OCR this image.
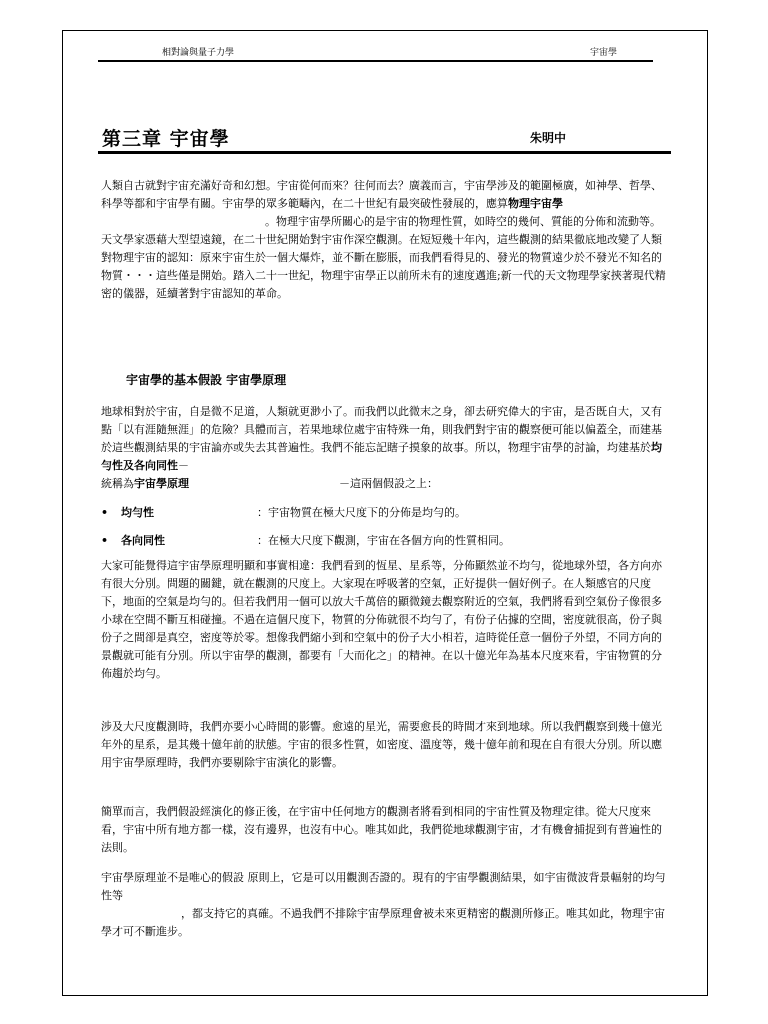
相對論與量子力學	宇宙學
第三章 宇宙學	朱明中

人類自古就對宇宙充滿好奇和幻想。宇宙從何而來？往何而去？廣義而言，宇宙學涉及的範圍極廣，如神學、哲學、科學等都和宇宙學有關。宇宙學的眾多範疇內，在二十世紀有最突破性發展的，應算物理宇宙學。物理宇宙學所關心的是宇宙的物理性質，如時空的幾何、質能的分佈和流動等。天文學家憑藉大型望遠鏡，在二十世紀開始對宇宙作深空觀測。在短短幾十年內，這些觀測的結果徹底地改變了人類對物理宇宙的認知：原來宇宙生於一個大爆炸，並不斷在膨脹，而我們看得見的、發光的物質遠少於不發光不知名的物質・・・這些僅是開始。踏入二十一世紀，物理宇宙學正以前所未有的速度邁進;新一代的天文物理學家挾著現代精密的儀器，延續著對宇宙認知的革命。

宇宙學的基本假設 宇宙學原理

地球相對於宇宙，自是微不足道，人類就更渺小了。而我們以此微末之身，卻去研究偉大的宇宙，是否既自大，又有點「以有涯隨無涯」的危險？具體而言，若果地球位處宇宙特殊一角，則我們對宇宙的觀察便可能以偏蓋全，而建基於這些觀測結果的宇宙論亦或失去其普遍性。我們不能忘記瞎子摸象的故事。所以，物理宇宙學的討論，均建基於均勻性及各向同性－
統稱為宇宙學原理	－這兩個假設之上：

• 均勻性	：宇宙物質在極大尺度下的分佈是均勻的。
• 各向同性	：在極大尺度下觀測，宇宙在各個方向的性質相同。

大家可能覺得這宇宙學原理明顯和事實相違：我們看到的恆星、星系等，分佈顯然並不均勻，從地球外望，各方向亦有很大分別。問題的關鍵，就在觀測的尺度上。大家現在呼吸著的空氣，正好提供一個好例子。在人類感官的尺度下，地面的空氣是均勻的。但若我們用一個可以放大千萬倍的顯微鏡去觀察附近的空氣，我們將看到空氣份子像很多小球在空間不斷互相碰撞。不過在這個尺度下，物質的分佈就很不均勻了，有份子佔據的空間，密度就很高，份子與份子之間卻是真空，密度等於零。想像我們縮小到和空氣中的份子大小相若，這時從任意一個份子外望，不同方向的景觀就可能有分別。所以宇宙學的觀測，都要有「大而化之」的精神。在以十億光年為基本尺度來看，宇宙物質的分佈趨於均勻。

涉及大尺度觀測時，我們亦要小心時間的影響。愈遠的星光，需要愈長的時間才來到地球。所以我們觀察到幾十億光年外的星系，是其幾十億年前的狀態。宇宙的很多性質，如密度、溫度等，幾十億年前和現在自有很大分別。所以應用宇宙學原理時，我們亦要剔除宇宙演化的影響。

簡單而言，我們假設經演化的修正後，在宇宙中任何地方的觀測者將看到相同的宇宙性質及物理定律。從大尺度來看，宇宙中所有地方都一樣，沒有邊界，也沒有中心。唯其如此，我們從地球觀測宇宙，才有機會捕捉到有普遍性的法則。

宇宙學原理並不是唯心的假設 原則上，它是可以用觀測否證的。現有的宇宙學觀測結果，如宇宙微波背景輻射的均勻性等
，都支持它的真確。不過我們不排除宇宙學原理會被未來更精密的觀測所修正。唯其如此，物理宇宙學才可不斷進步。
